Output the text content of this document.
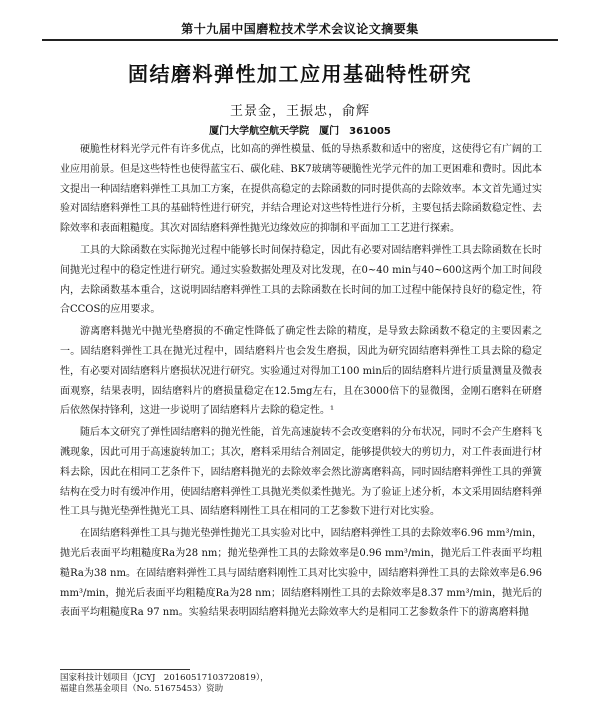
第十九届中国磨粒技术学术会议论文摘要集
固结磨料弹性加工应用基础特性研究
王景金，王振忠，俞辉
厦门大学航空航天学院　厦门　361005

硬脆性材料光学元件有许多优点，比如高的弹性模量、低的导热系数和适中的密度，这使得它有广阔的工业应用前景。但是这些特性也使得蓝宝石、碳化硅、BK7玻璃等硬脆性光学元件的加工更困难和费时。因此本文提出一种固结磨料弹性工具加工方案，在提供高稳定的去除函数的同时提供高的去除效率。本文首先通过实验对固结磨料弹性工具的基础特性进行研究，并结合理论对这些特性进行分析，主要包括去除函数稳定性、去除效率和表面粗糙度。其次对固结磨料弹性抛光边缘效应的抑制和平面加工工艺进行探索。

工具的大除函数在实际抛光过程中能够长时间保持稳定，因此有必要对固结磨料弹性工具去除函数在长时间抛光过程中的稳定性进行研究。通过实验数据处理及对比发现，在0~40 min与40~600这两个加工时间段内，去除函数基本重合，这说明固结磨料弹性工具的去除函数在长时间的加工过程中能保持良好的稳定性，符合CCOS的应用要求。

游离磨料抛光中抛光垫磨损的不确定性降低了确定性去除的精度，是导致去除函数不稳定的主要因素之一。固结磨料弹性工具在抛光过程中，固结磨料片也会发生磨损，因此为研究固结磨料弹性工具去除的稳定性，有必要对固结磨料片磨损状况进行研究。实验通过对得加工100 min后的固结磨料片进行质量测量及微表面观察，结果表明，固结磨料片的磨损量稳定在12.5mg左右，且在3000倍下的显微图，金刚石磨料在研磨后依然保持锋利，这进一步说明了固结磨料片去除的稳定性。¹

随后本文研究了弹性固结磨料的抛光性能，首先高速旋转不会改变磨料的分布状况，同时不会产生磨料飞溅现象，因此可用于高速旋转加工；其次，磨料采用结合剂固定，能够提供较大的剪切力，对工件表面进行材料去除，因此在相同工艺条件下，固结磨料抛光的去除效率会然比游离磨料高，同时固结磨料弹性工具的弹簧结构在受力时有缓冲作用，使固结磨料弹性工具抛光类似柔性抛光。为了验证上述分析，本文采用固结磨料弹性工具与抛光垫弹性抛光工具、固结磨料刚性工具在相同的工艺参数下进行对比实验。

在固结磨料弹性工具与抛光垫弹性抛光工具实验对比中，固结磨料弹性工具的去除效率6.96 mm³/min，抛光后表面平均粗糙度Ra为28 nm；抛光垫弹性工具的去除效率是0.96 mm³/min，抛光后工件表面平均粗糙Ra为38 nm。在固结磨料弹性工具与固结磨料刚性工具对比实验中，固结磨料弹性工具的去除效率是6.96 mm³/min，抛光后表面平均粗糙度Ra为28 nm；固结磨料刚性工具的去除效率是8.37 mm³/min，抛光后的表面平均粗糙度Ra 97 nm。实验结果表明固结磨料抛光去除效率大约是相同工艺参数条件下的游离磨料抛

国家科技计划项目（JCYJ　20160517103720819），
福建自然基金项目（No. 51675453）资助
